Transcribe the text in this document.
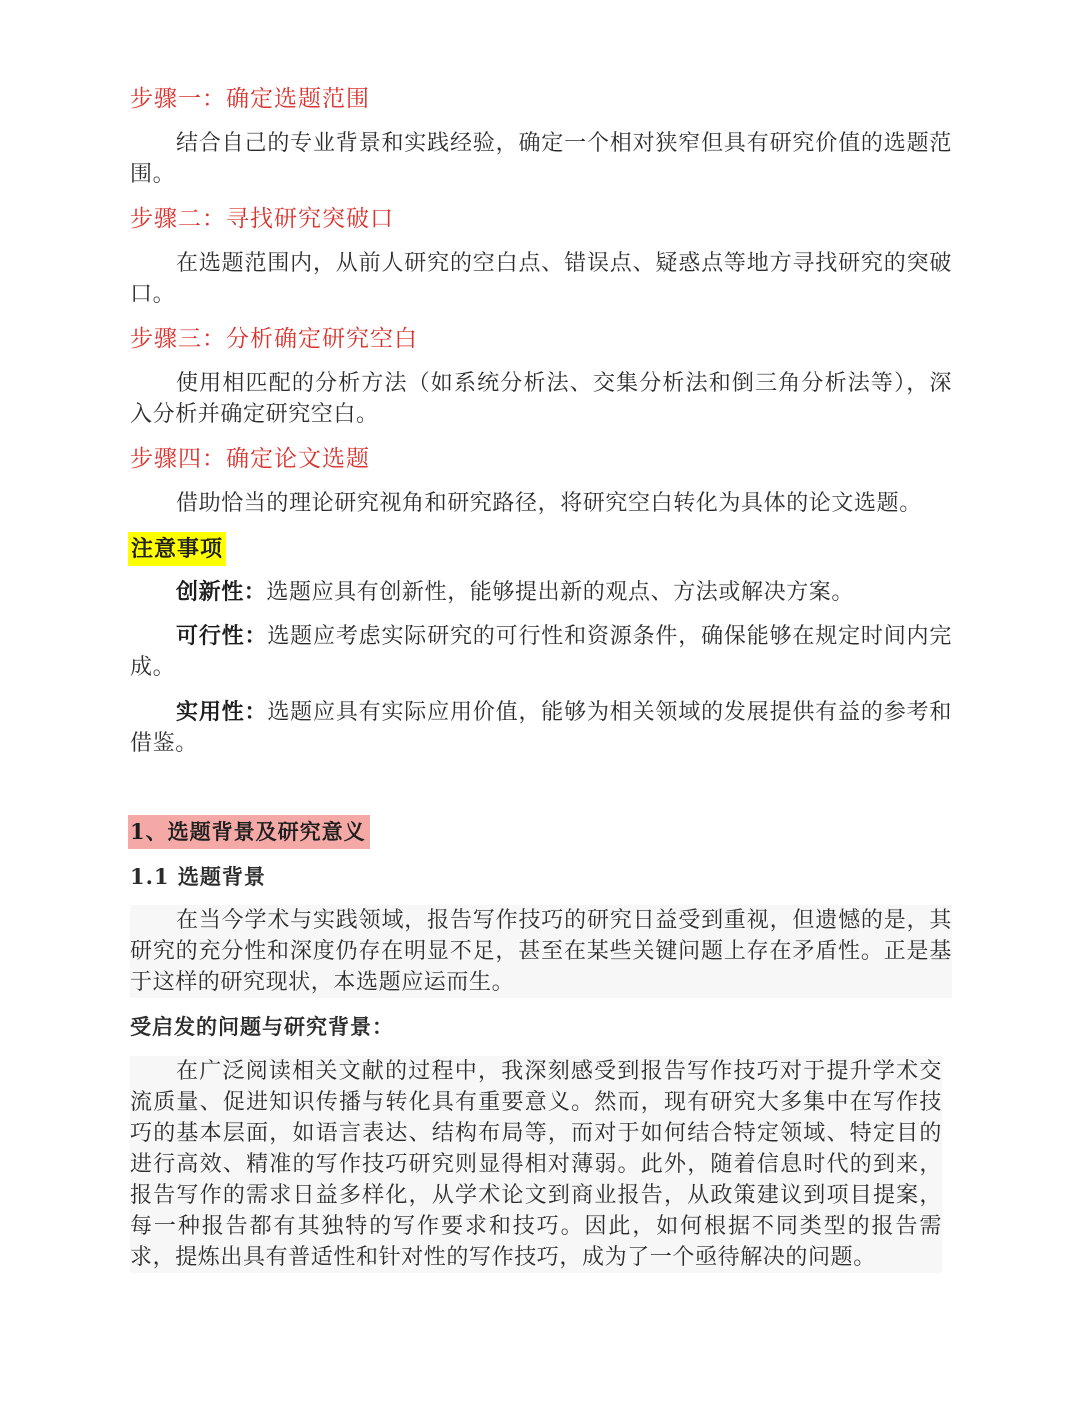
步骤一：确定选题范围
结合自己的专业背景和实践经验，确定一个相对狭窄但具有研究价值的选题范围。
步骤二：寻找研究突破口
在选题范围内，从前人研究的空白点、错误点、疑惑点等地方寻找研究的突破口。
步骤三：分析确定研究空白
使用相匹配的分析方法（如系统分析法、交集分析法和倒三角分析法等），深入分析并确定研究空白。
步骤四：确定论文选题
借助恰当的理论研究视角和研究路径，将研究空白转化为具体的论文选题。
注意事项
创新性：选题应具有创新性，能够提出新的观点、方法或解决方案。
可行性：选题应考虑实际研究的可行性和资源条件，确保能够在规定时间内完成。
实用性：选题应具有实际应用价值，能够为相关领域的发展提供有益的参考和借鉴。
1、选题背景及研究意义
1.1 选题背景
在当今学术与实践领域，报告写作技巧的研究日益受到重视，但遗憾的是，其研究的充分性和深度仍存在明显不足，甚至在某些关键问题上存在矛盾性。正是基于这样的研究现状，本选题应运而生。
受启发的问题与研究背景：
在广泛阅读相关文献的过程中，我深刻感受到报告写作技巧对于提升学术交流质量、促进知识传播与转化具有重要意义。然而，现有研究大多集中在写作技巧的基本层面，如语言表达、结构布局等，而对于如何结合特定领域、特定目的进行高效、精准的写作技巧研究则显得相对薄弱。此外，随着信息时代的到来，报告写作的需求日益多样化，从学术论文到商业报告，从政策建议到项目提案，每一种报告都有其独特的写作要求和技巧。因此，如何根据不同类型的报告需求，提炼出具有普适性和针对性的写作技巧，成为了一个亟待解决的问题。
